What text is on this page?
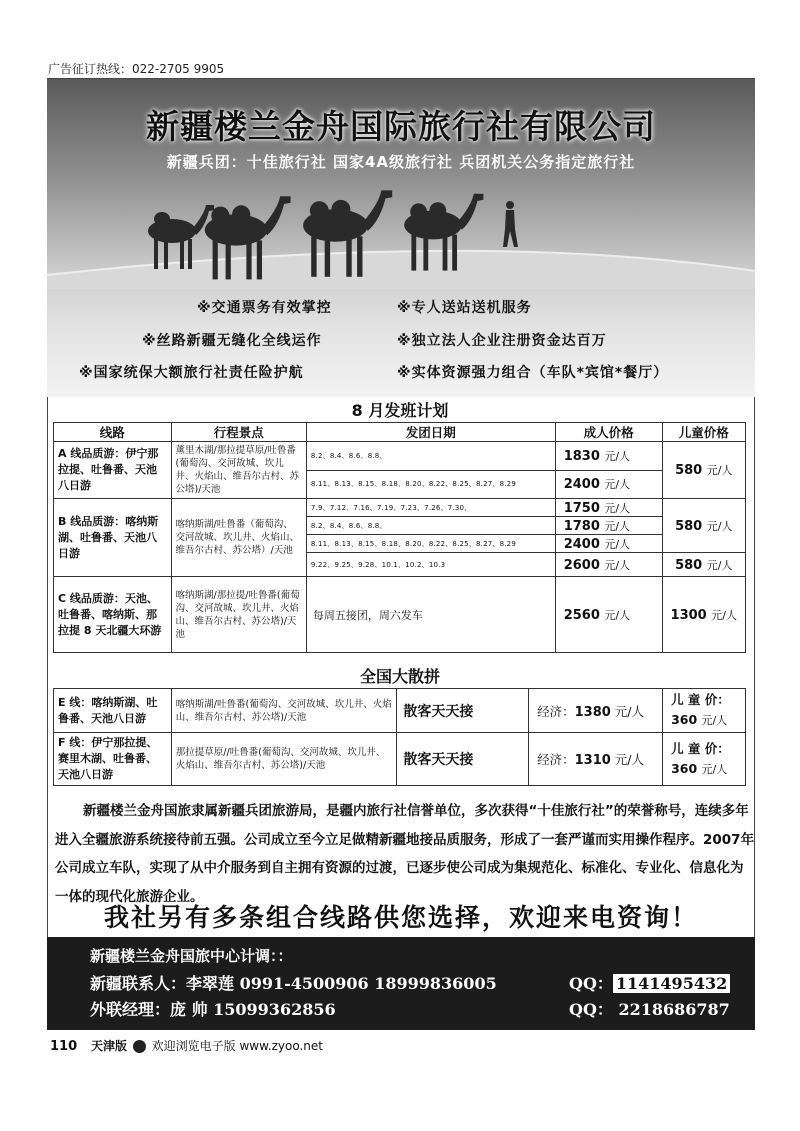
广告征订热线：022-2705 9905
新疆楼兰金舟国际旅行社有限公司
新疆兵团：十佳旅行社 国家4A级旅行社 兵团机关公务指定旅行社
※交通票务有效掌控	※专人送站送机服务
※丝路新疆无缝化全线运作	※独立法人企业注册资金达百万
※国家统保大额旅行社责任险护航	※实体资源强力组合（车队*宾馆*餐厅）
8 月发班计划
线路	行程景点	发团日期	成人价格	儿童价格
A 线品质游：伊宁那拉提、吐鲁番、天池八日游	薰里木湖/那拉提草原/吐鲁番(葡萄沟、交河故城、坎儿井、火焰山、维吾尔古村、苏公塔)/天池	8.2、8.4、8.6、8.8、	1830 元/人	580 元/人
		8.11、8.13、8.15、8.18、8.20、8.22、8.25、8.27、8.29	2400 元/人	
B 线品质游：喀纳斯湖、吐鲁番、天池八日游	喀纳斯湖/吐鲁番（葡萄沟、交河故城、坎儿井、火焰山、维吾尔古村、苏公塔）/天池	7.9、7.12、7.16、7.19、7.23、7.26、7.30、	1750 元/人	580 元/人
		8.2、8.4、8.6、8.8、	1780 元/人	
		8.11、8.13、8.15、8.18、8.20、8.22、8.25、8.27、8.29	2400 元/人	
		9.22、9.25、9.28、10.1、10.2、10.3	2600 元/人	580 元/人
C 线品质游：天池、吐鲁番、喀纳斯、那拉提 8 天北疆大环游	喀纳斯湖/那拉提/吐鲁番(葡萄沟、交河故城、坎儿井、火焰山、维吾尔古村、苏公塔)/天池	每周五接团，周六发车	2560 元/人	1300 元/人
全国大散拼
E 线：喀纳斯湖、吐鲁番、天池八日游	喀纳斯湖/吐鲁番(葡萄沟、交河故城、坎儿井、火焰山、维吾尔古村、苏公塔)/天池	散客天天接	经济：1380 元/人	儿 童 价：
360 元/人
F 线：伊宁那拉提、赛里木湖、吐鲁番、天池八日游	那拉提草原//吐鲁番(葡萄沟、交河故城、坎儿井、火焰山、维吾尔古村、苏公塔)/天池	散客天天接	经济：1310 元/人	儿 童 价：
360 元/人
新疆楼兰金舟国旅隶属新疆兵团旅游局，是疆内旅行社信誉单位，多次获得“十佳旅行社”的荣誉称号，连续多年进入全疆旅游系统接待前五强。公司成立至今立足做精新疆地接品质服务，形成了一套严谨而实用操作程序。2007年公司成立车队，实现了从中介服务到自主拥有资源的过渡，已逐步使公司成为集规范化、标准化、专业化、信息化为一体的现代化旅游企业。
我社另有多条组合线路供您选择，欢迎来电资询！
新疆楼兰金舟国旅中心计调：：
新疆联系人：李翠莲 0991-4500906 18999836005	QQ： 1141495432
外联经理：庞 帅 15099362856	QQ： 2218686787
110 天津版 欢迎浏览电子版 www.zyoo.net
